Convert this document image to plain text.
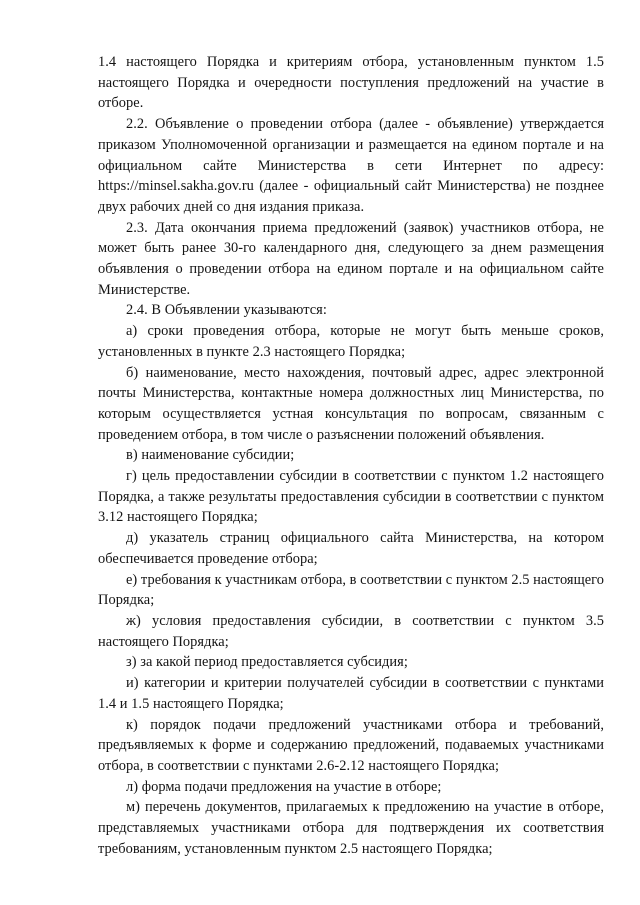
1.4 настоящего Порядка и критериям отбора, установленным пунктом 1.5 настоящего Порядка и очередности поступления предложений на участие в отборе.

2.2. Объявление о проведении отбора (далее - объявление) утверждается приказом Уполномоченной организации и размещается на едином портале и на официальном сайте Министерства в сети Интернет по адресу: https://minsel.sakha.gov.ru (далее - официальный сайт Министерства) не позднее двух рабочих дней со дня издания приказа.

2.3. Дата окончания приема предложений (заявок) участников отбора, не может быть ранее 30-го календарного дня, следующего за днем размещения объявления о проведении отбора на едином портале и на официальном сайте Министерстве.

2.4. В Объявлении указываются:

а) сроки проведения отбора, которые не могут быть меньше сроков, установленных в пункте 2.3 настоящего Порядка;

б) наименование, место нахождения, почтовый адрес, адрес электронной почты Министерства, контактные номера должностных лиц Министерства, по которым осуществляется устная консультация по вопросам, связанным с проведением отбора, в том числе о разъяснении положений объявления.

в) наименование субсидии;

г) цель предоставлении субсидии в соответствии с пунктом 1.2 настоящего Порядка, а также результаты предоставления субсидии в соответствии с пунктом 3.12 настоящего Порядка;

д) указатель страниц официального сайта Министерства, на котором обеспечивается проведение отбора;

е) требования к участникам отбора, в соответствии с пунктом 2.5 настоящего Порядка;

ж) условия предоставления субсидии, в соответствии с пунктом 3.5 настоящего Порядка;

з) за какой период предоставляется субсидия;

и) категории и критерии получателей субсидии в соответствии с пунктами 1.4 и 1.5 настоящего Порядка;

к) порядок подачи предложений участниками отбора и требований, предъявляемых к форме и содержанию предложений, подаваемых участниками отбора, в соответствии с пунктами 2.6-2.12 настоящего Порядка;

л) форма подачи предложения на участие в отборе;

м) перечень документов, прилагаемых к предложению на участие в отборе, представляемых участниками отбора для подтверждения их соответствия требованиям, установленным пунктом 2.5 настоящего Порядка;
